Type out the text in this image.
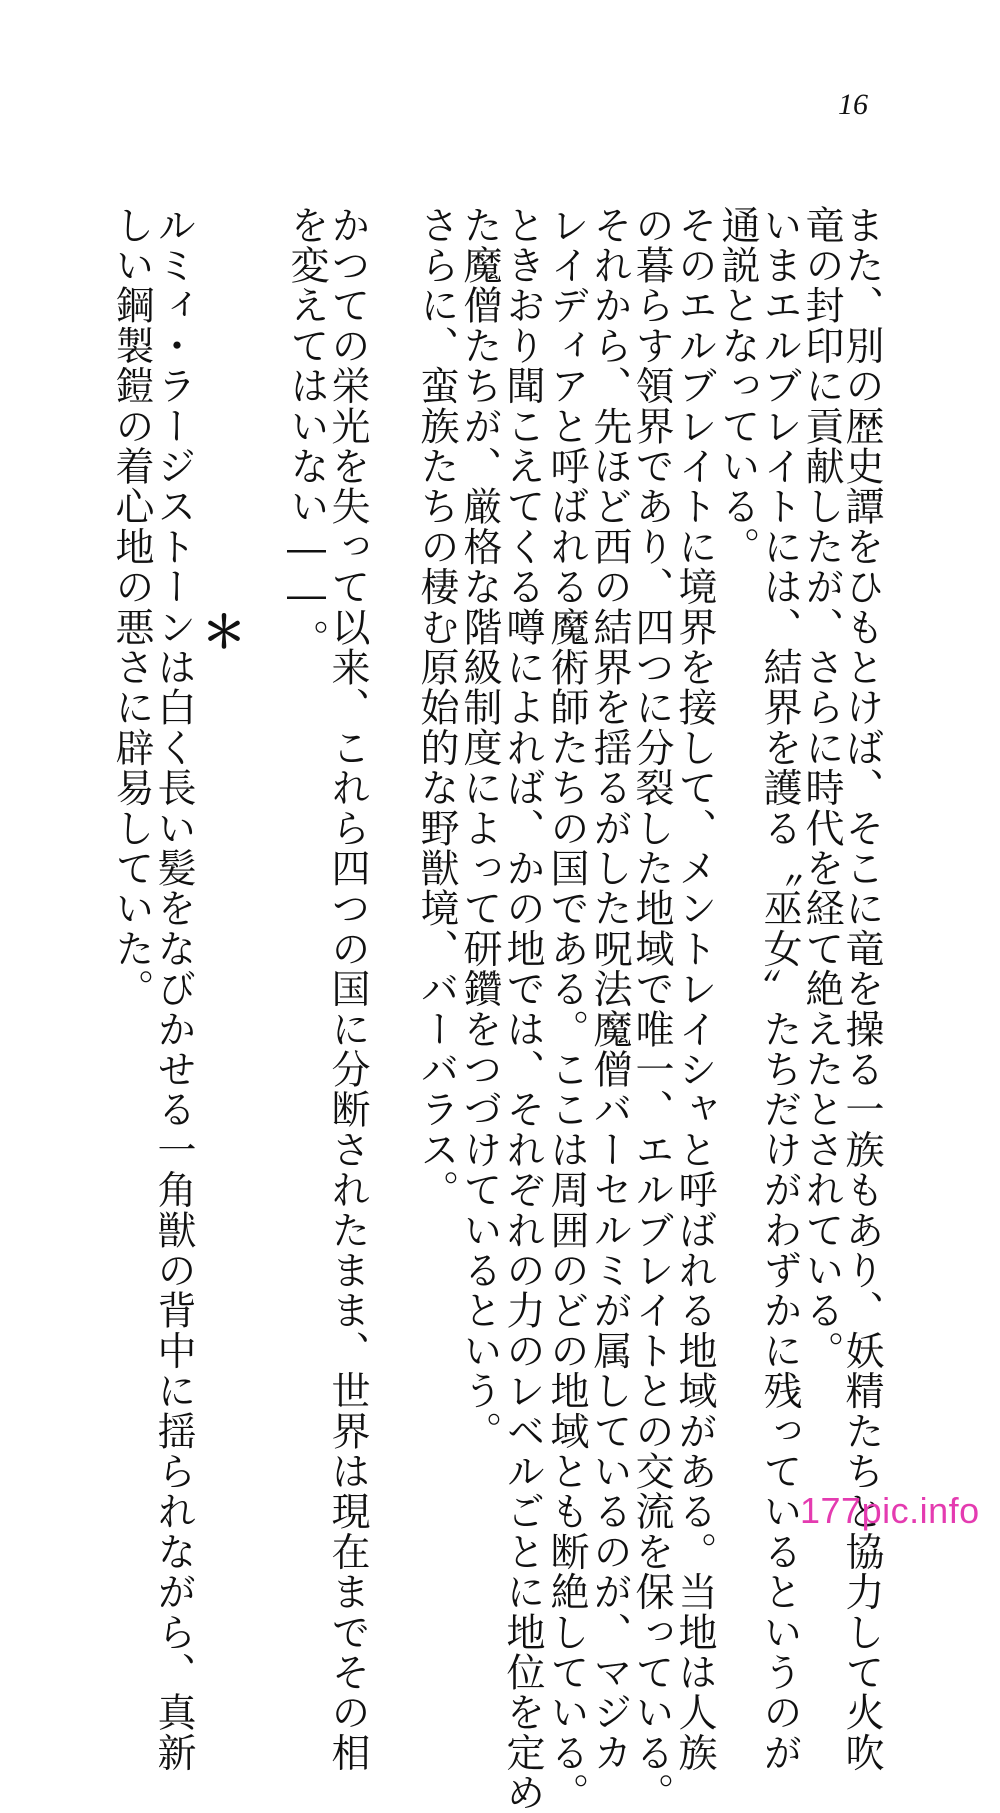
16
また、別の歴史譚をひもとけば、そこに竜を操る一族もあり、妖精たちと協力して火吹
竜の封印に貢献したが、さらに時代を経て絶えたとされている。
いまエルブレイトには、結界を護る〝巫女〟たちだけがわずかに残っているというのが
通説となっている。
そのエルブレイトに境界を接して、メントレイシャと呼ばれる地域がある。当地は人族
の暮らす領界であり、四つに分裂した地域で唯一、エルブレイトとの交流を保っている。
それから、先ほど西の結界を揺るがした呪法魔僧バーセルミが属しているのが、マジカ
レイディアと呼ばれる魔術師たちの国である。ここは周囲のどの地域とも断絶している。
ときおり聞こえてくる噂によれば、かの地では、それぞれの力のレベルごとに地位を定め
た魔僧たちが、厳格な階級制度によって研鑽をつづけているという。
さらに、蛮族たちの棲む原始的な野獣境、バーバラス。
かつての栄光を失って以来、これら四つの国に分断されたまま、世界は現在までその相
を変えてはいない――。
＊
ルミィ・ラージストーンは白く長い髪をなびかせる一角獣の背中に揺られながら、真新
しい鋼製鎧の着心地の悪さに辟易していた。
177pic.info
